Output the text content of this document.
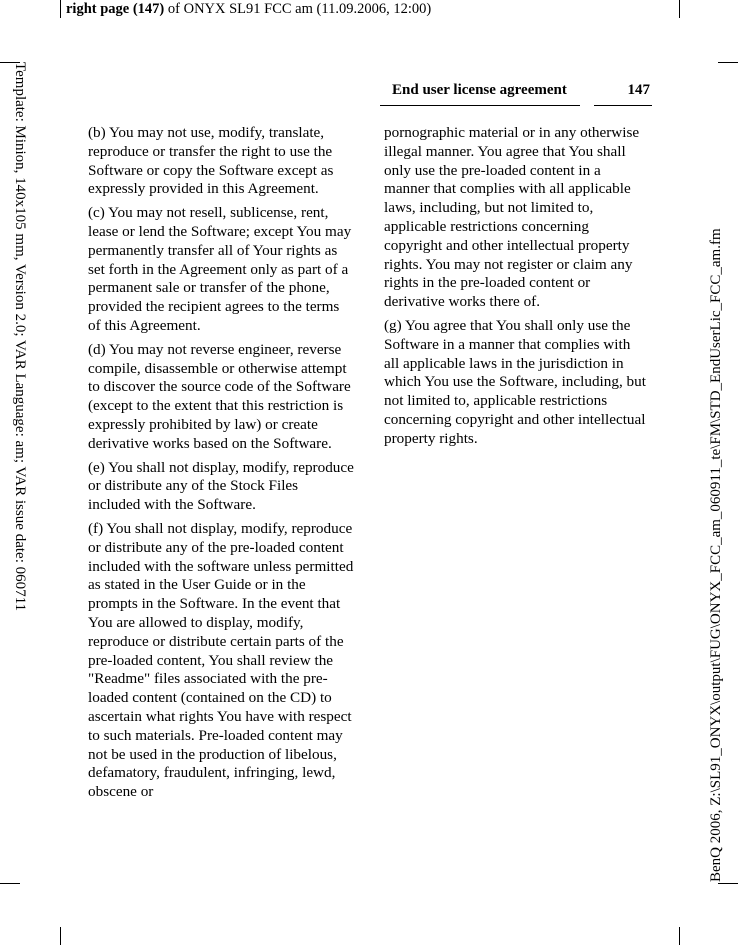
right page (147) of ONYX SL91 FCC am (11.09.2006, 12:00)
Template: Minion, 140x105 mm, Version 2.0; VAR Language: am; VAR issue date: 060711	BenQ 2006, Z:\SL91_ONYX\output\FUG\ONYX_FCC_am_060911_te\FM\STD_EndUserLic_FCC_am.fm
End user license agreement	147

(b) You may not use, modify, translate, reproduce or transfer the right to use the Software or copy the Software except as expressly provided in this Agreement.

(c) You may not resell, sublicense, rent, lease or lend the Software; except You may permanently transfer all of Your rights as set forth in the Agreement only as part of a permanent sale or transfer of the phone, provided the recipient agrees to the terms of this Agreement.

(d) You may not reverse engineer, reverse compile, disassemble or otherwise attempt to discover the source code of the Software (except to the extent that this restriction is expressly prohibited by law) or create derivative works based on the Software.

(e) You shall not display, modify, reproduce or distribute any of the Stock Files included with the Software.

(f) You shall not display, modify, reproduce or distribute any of the pre-loaded content included with the software unless permitted as stated in the User Guide or in the prompts in the Software. In the event that You are allowed to display, modify, reproduce or distribute certain parts of the pre-loaded content, You shall review the "Readme" files associated with the pre-loaded content (contained on the CD) to ascertain what rights You have with respect to such materials. Pre-loaded content may not be used in the production of libelous, defamatory, fraudulent, infringing, lewd, obscene or

pornographic material or in any otherwise illegal manner. You agree that You shall only use the pre-loaded content in a manner that complies with all applicable laws, including, but not limited to, applicable restrictions concerning copyright and other intellectual property rights. You may not register or claim any rights in the pre-loaded content or derivative works there of.

(g) You agree that You shall only use the Software in a manner that complies with all applicable laws in the jurisdiction in which You use the Software, including, but not limited to, applicable restrictions concerning copyright and other intellectual property rights.
